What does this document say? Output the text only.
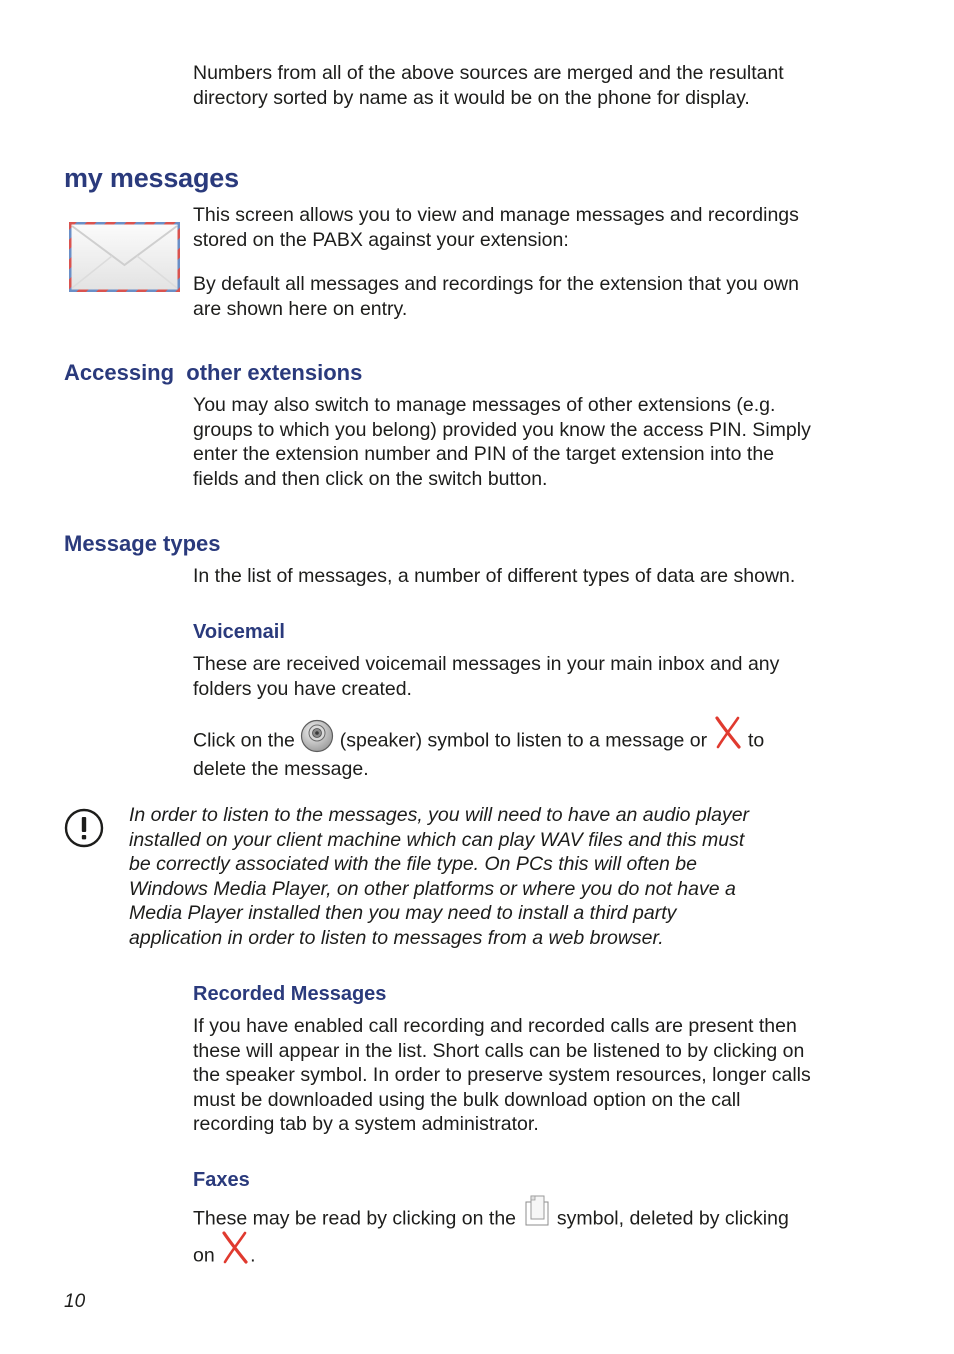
Numbers from all of the above sources are merged and the resultant directory sorted by name as it would be on the phone for display.

my messages

This screen allows you to view and manage messages and recordings stored on the PABX against your extension:

By default all messages and recordings for the extension that you own are shown here on entry.

Accessing  other extensions

You may also switch to manage messages of other extensions (e.g. groups to which you belong) provided you know the access PIN. Simply enter the extension number and PIN of the target extension into the fields and then click on the switch button.

Message types

In the list of messages, a number of different types of data are shown.

Voicemail

These are received voicemail messages in your main inbox and any folders you have created.

Click on the (speaker) symbol to listen to a message or to

delete the message.

In order to listen to the messages, you will need to have an audio player installed on your client machine which can play WAV files and this must be correctly associated with the file type. On PCs this will often be Windows Media Player, on other platforms or where you do not have a Media Player installed then you may need to install a third party application in order to listen to messages from a web browser.

Recorded Messages

If you have enabled call recording and recorded calls are present then these will appear in the list. Short calls can be listened to by clicking on the speaker symbol. In order to preserve system resources, longer calls must be downloaded using the bulk download option on the call recording tab by a system administrator.

Faxes
These may be read by clicking on the symbol, deleted by clicking
on .
10
